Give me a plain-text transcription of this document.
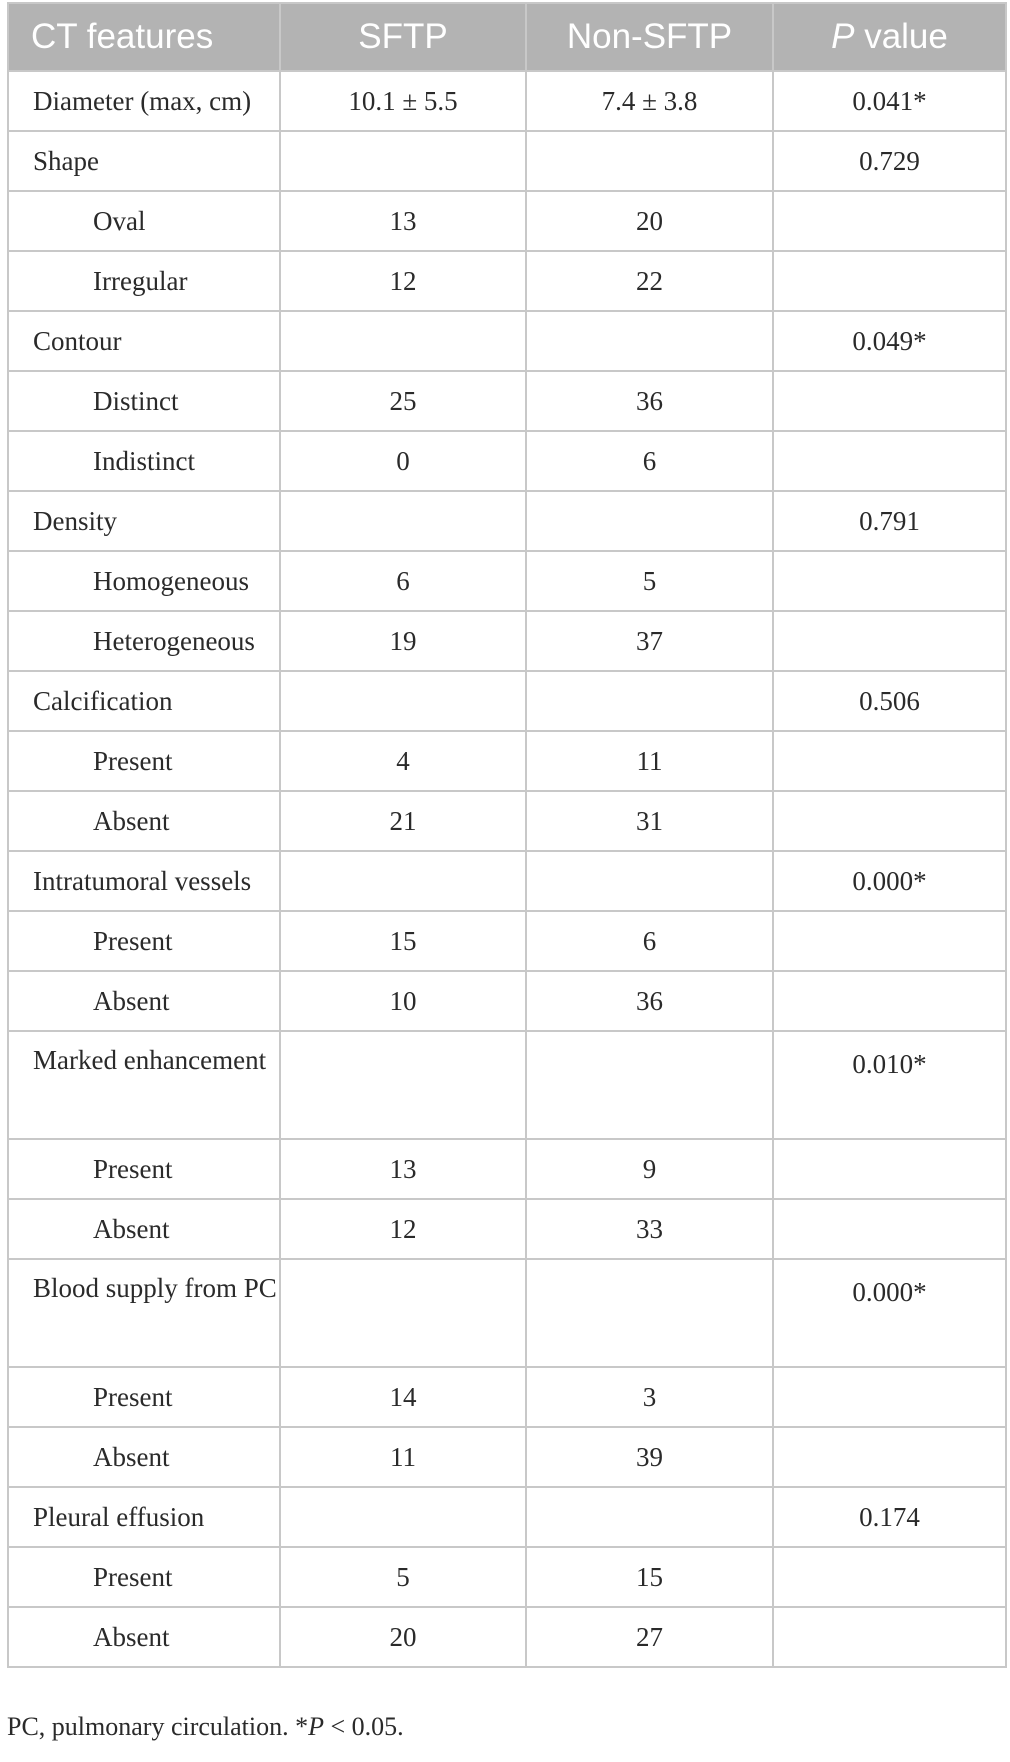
CT features	SFTP	Non-SFTP	P value
Diameter (max, cm)	10.1 ± 5.5	7.4 ± 3.8	0.041*
Shape			0.729
Oval	13	20	
Irregular	12	22	
Contour			0.049*
Distinct	25	36	
Indistinct	0	6	
Density			0.791
Homogeneous	6	5	
Heterogeneous	19	37	
Calcification			0.506
Present	4	11	
Absent	21	31	
Intratumoral vessels			0.000*
Present	15	6	
Absent	10	36	
Marked enhancement			0.010*
Present	13	9	
Absent	12	33	
Blood supply from PC			0.000*
Present	14	3	
Absent	11	39	
Pleural effusion			0.174
Present	5	15	
Absent	20	27	
PC, pulmonary circulation. *P < 0.05.
